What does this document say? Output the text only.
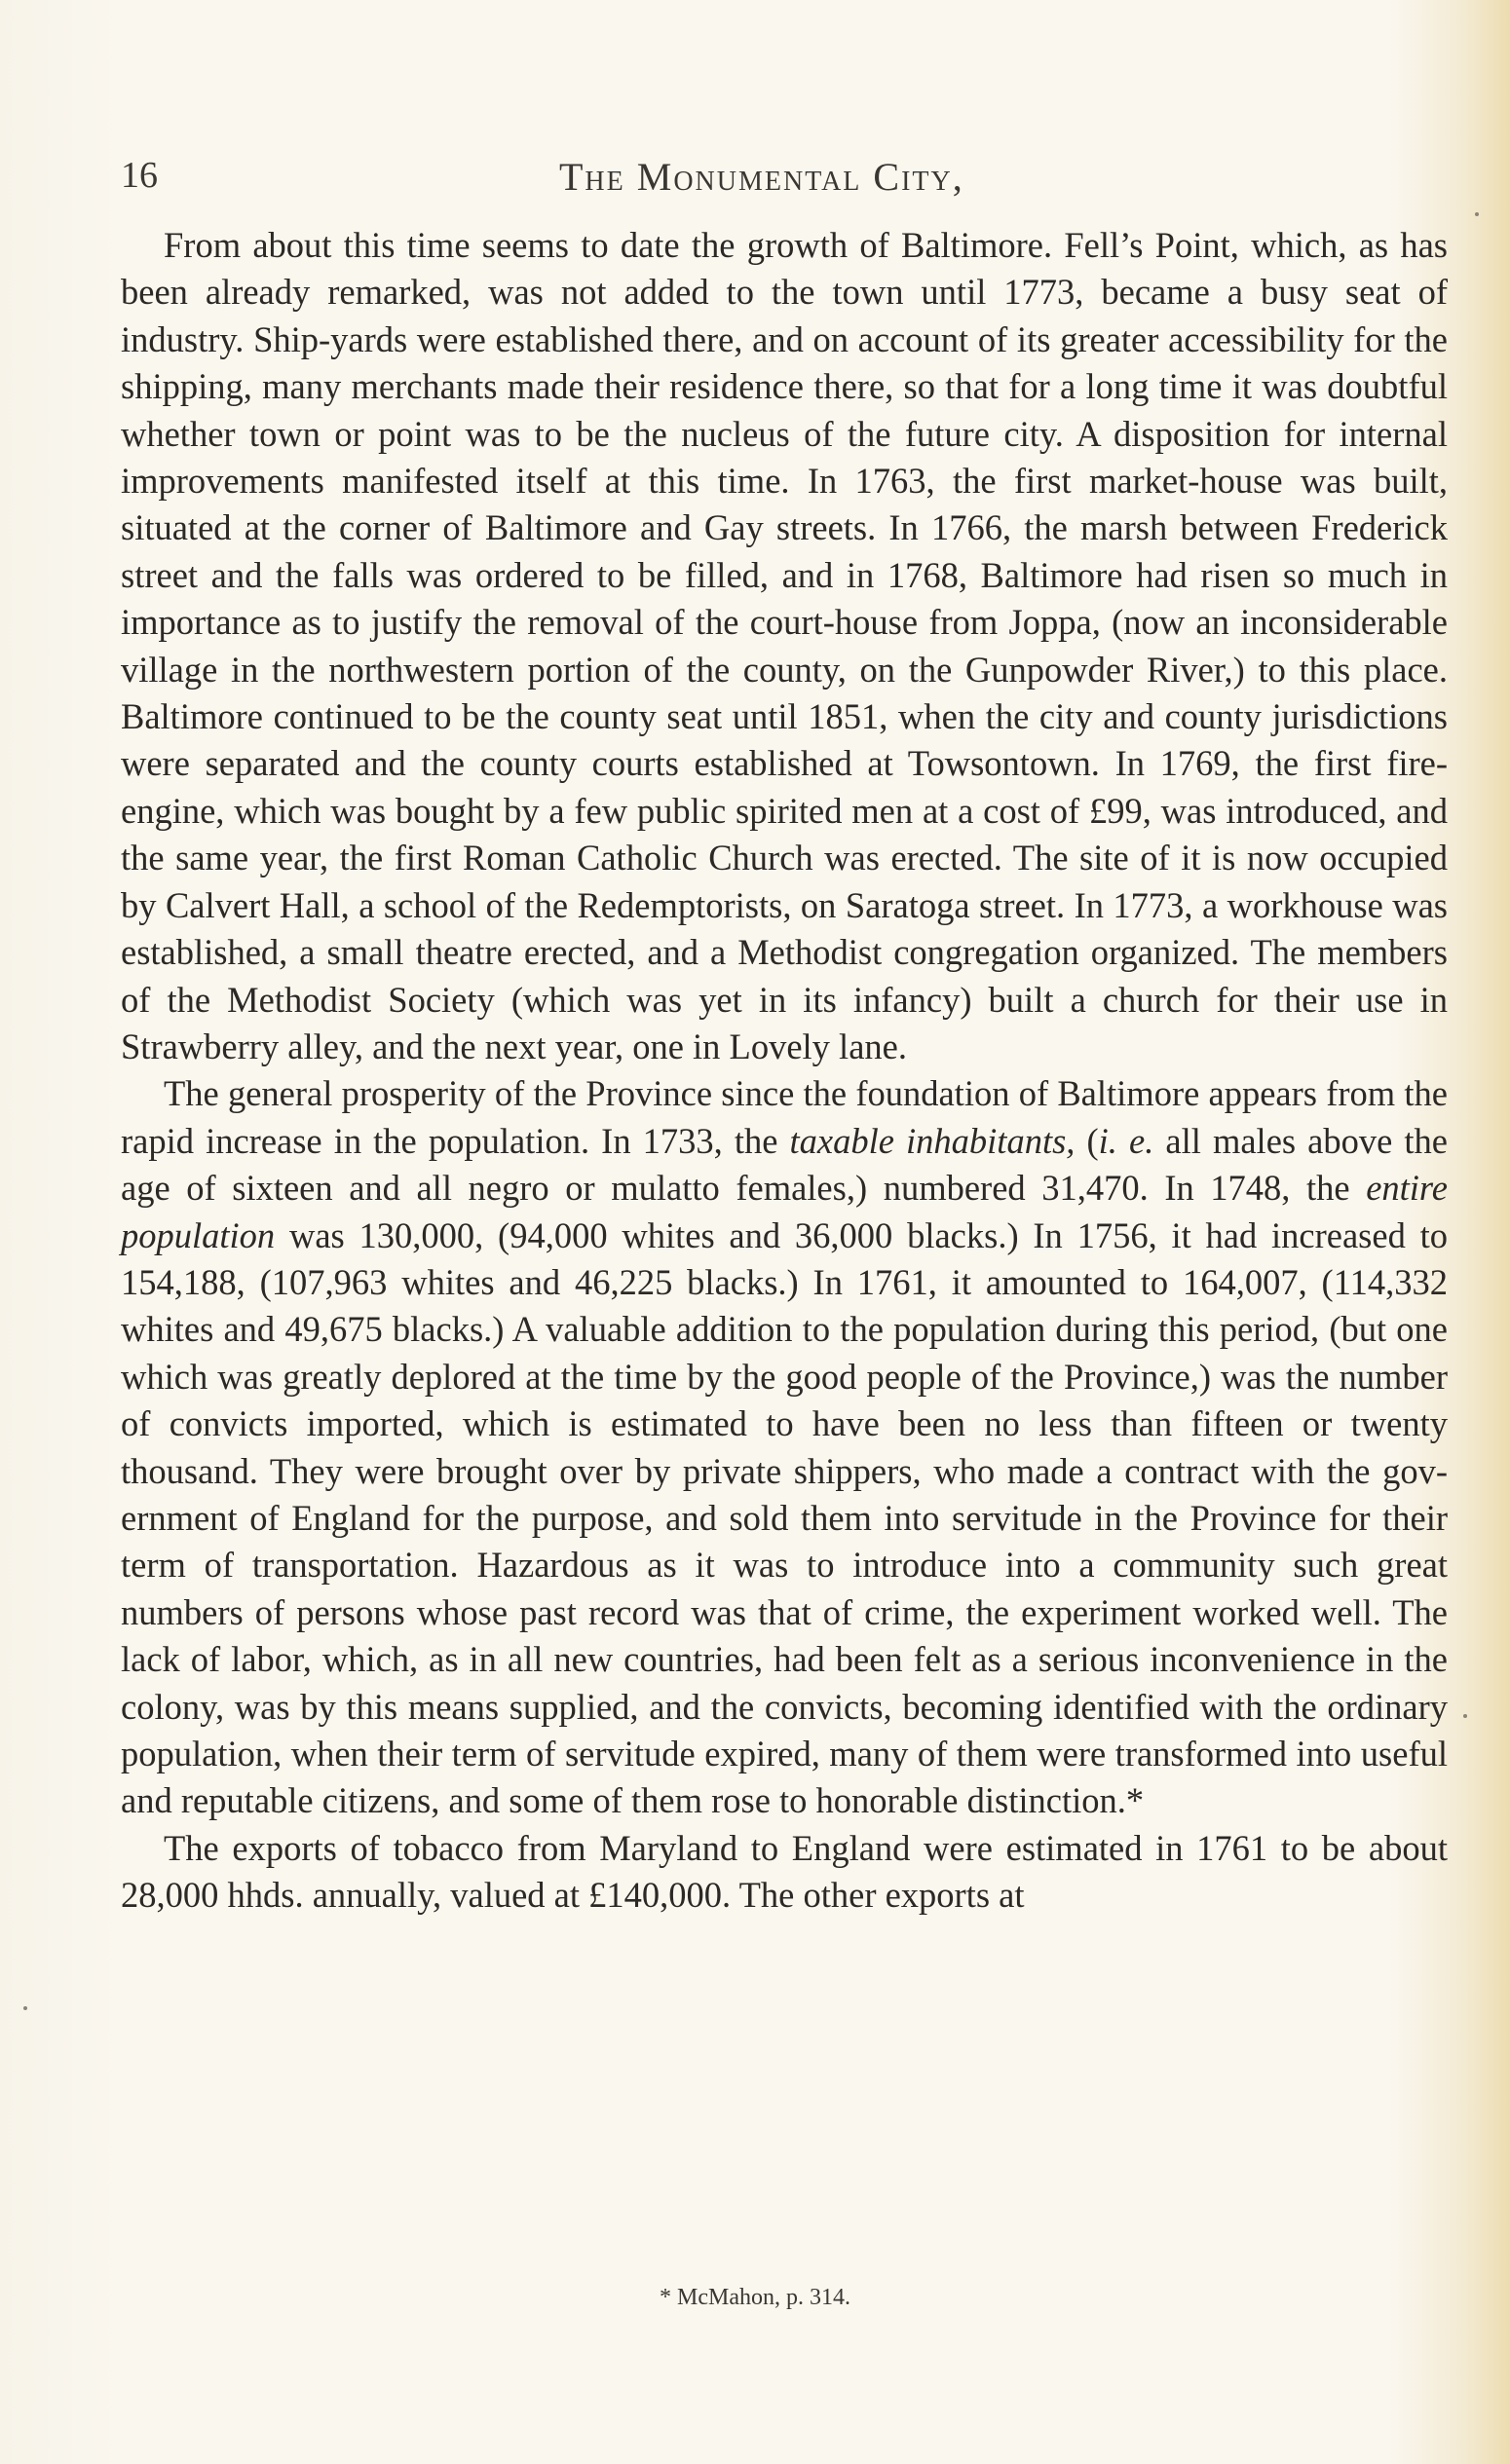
16	The Monumental City,

From about this time seems to date the growth of Baltimore. Fell’s Point, which, as has been already remarked, was not added to the town until 1773, became a busy seat of industry. Ship-yards were established there, and on account of its greater accessibility for the shipping, many merchants made their residence there, so that for a long time it was doubtful whether town or point was to be the nucleus of the future city. A disposition for internal improvements manifested itself at this time. In 1763, the first market-house was built, situated at the corner of Baltimore and Gay streets. In 1766, the marsh between Frederick street and the falls was ordered to be filled, and in 1768, Baltimore had risen so much in importance as to justify the removal of the court-house from Joppa, (now an inconsiderable village in the northwestern portion of the county, on the Gunpowder River,) to this place. Baltimore continued to be the county seat until 1851, when the city and county jurisdictions were separated and the county courts established at Towsontown. In 1769, the first fire-engine, which was bought by a few public spirited men at a cost of £99, was introduced, and the same year, the first Roman Catholic Church was erected. The site of it is now occupied by Calvert Hall, a school of the Redemptorists, on Saratoga street. In 1773, a workhouse was established, a small theatre erected, and a Methodist congregation organized. The members of the Methodist Society (which was yet in its infancy) built a church for their use in Strawberry alley, and the next year, one in Lovely lane.

The general prosperity of the Province since the foundation of Baltimore appears from the rapid increase in the population. In 1733, the taxable inhabitants, (i. e. all males above the age of sixteen and all negro or mulatto females,) numbered 31,470. In 1748, the entire population was 130,000, (94,000 whites and 36,000 blacks.) In 1756, it had increased to 154,188, (107,963 whites and 46,225 blacks.) In 1761, it amounted to 164,007, (114,332 whites and 49,675 blacks.) A valuable addition to the population during this period, (but one which was greatly deplored at the time by the good people of the Province,) was the number of convicts imported, which is estimated to have been no less than fifteen or twenty thousand. They were brought over by private shippers, who made a contract with the government of England for the purpose, and sold them into servitude in the Province for their term of transportation. Hazardous as it was to introduce into a community such great numbers of persons whose past record was that of crime, the experiment worked well. The lack of labor, which, as in all new countries, had been felt as a serious inconvenience in the colony, was by this means supplied, and the convicts, becoming identified with the ordinary population, when their term of servitude expired, many of them were transformed into useful and reputable citizens, and some of them rose to honorable distinction.*

The exports of tobacco from Maryland to England were estimated in 1761 to be about 28,000 hhds. annually, valued at £140,000. The other exports at

* McMahon, p. 314.
